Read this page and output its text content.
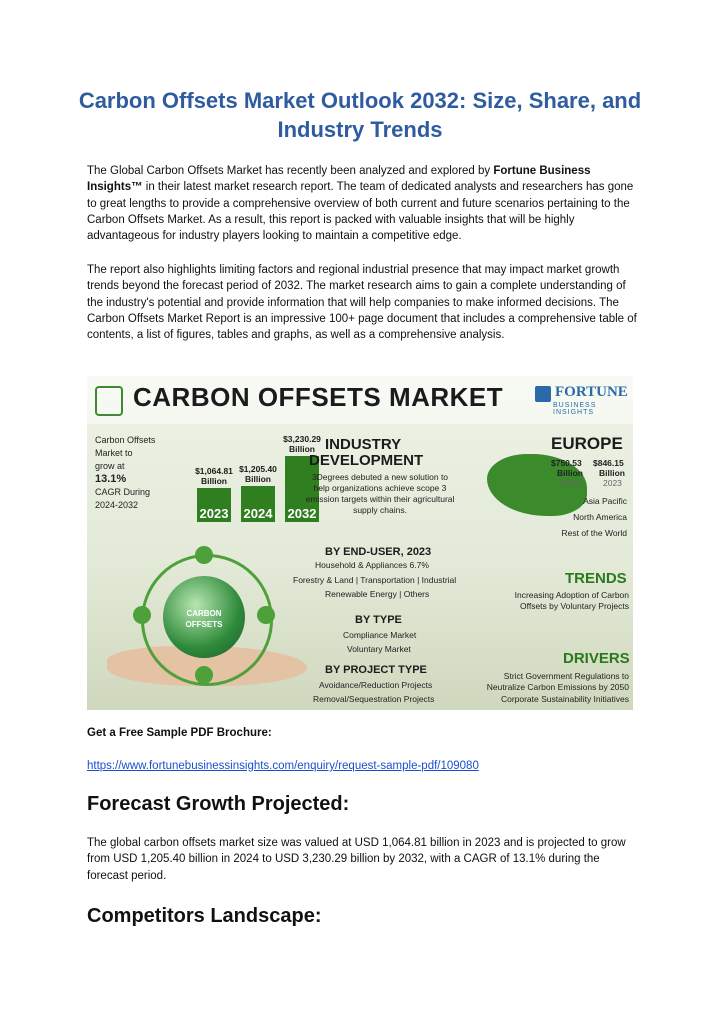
Carbon Offsets Market Outlook 2032: Size, Share, and Industry Trends

The Global Carbon Offsets Market has recently been analyzed and explored by Fortune Business Insights™ in their latest market research report. The team of dedicated analysts and researchers has gone to great lengths to provide a comprehensive overview of both current and future scenarios pertaining to the Carbon Offsets Market. As a result, this report is packed with valuable insights that will be highly advantageous for industry players looking to maintain a competitive edge.

The report also highlights limiting factors and regional industrial presence that may impact market growth trends beyond the forecast period of 2032. The market research aims to gain a complete understanding of the industry's potential and provide information that will help companies to make informed decisions. The Carbon Offsets Market Report is an impressive 100+ page document that includes a comprehensive table of contents, a list of figures, tables and graphs, as well as a comprehensive analysis.

CARBON OFFSETS MARKET	FORTUNE
BUSINESS INSIGHTS
Carbon Offsets
Market to
grow at
13.1%
CAGR During
2024-2032
2023
$1,064.81
Billion
2024
$1,205.40
Billion
2032
$3,230.29
Billion INDUSTRY
DEVELOPMENT
3Degrees debuted a new solution to help organizations achieve scope 3 emission targets within their agricultural supply chains.
EUROPE
$750.53
Billion
2022
$846.15
Billion
2023
Asia Pacific
North America
Rest of the World
BY END-USER, 2023
Household & Appliances 6.7%
Forestry & Land | Transportation | Industrial
Renewable Energy | Others
TRENDS
Increasing Adoption of Carbon Offsets by Voluntary Projects
BY TYPE
Compliance Market
Voluntary Market
CARBON OFFSETS
DRIVERS
Strict Government Regulations to Neutralize Carbon Emissions by 2050
Corporate Sustainability Initiatives
BY PROJECT TYPE
Avoidance/Reduction Projects
Removal/Sequestration Projects

Get a Free Sample PDF Brochure:

https://www.fortunebusinessinsights.com/enquiry/request-sample-pdf/109080
Forecast Growth Projected:

The global carbon offsets market size was valued at USD 1,064.81 billion in 2023 and is projected to grow from USD 1,205.40 billion in 2024 to USD 3,230.29 billion by 2032, with a CAGR of 13.1% during the forecast period.

Competitors Landscape:
